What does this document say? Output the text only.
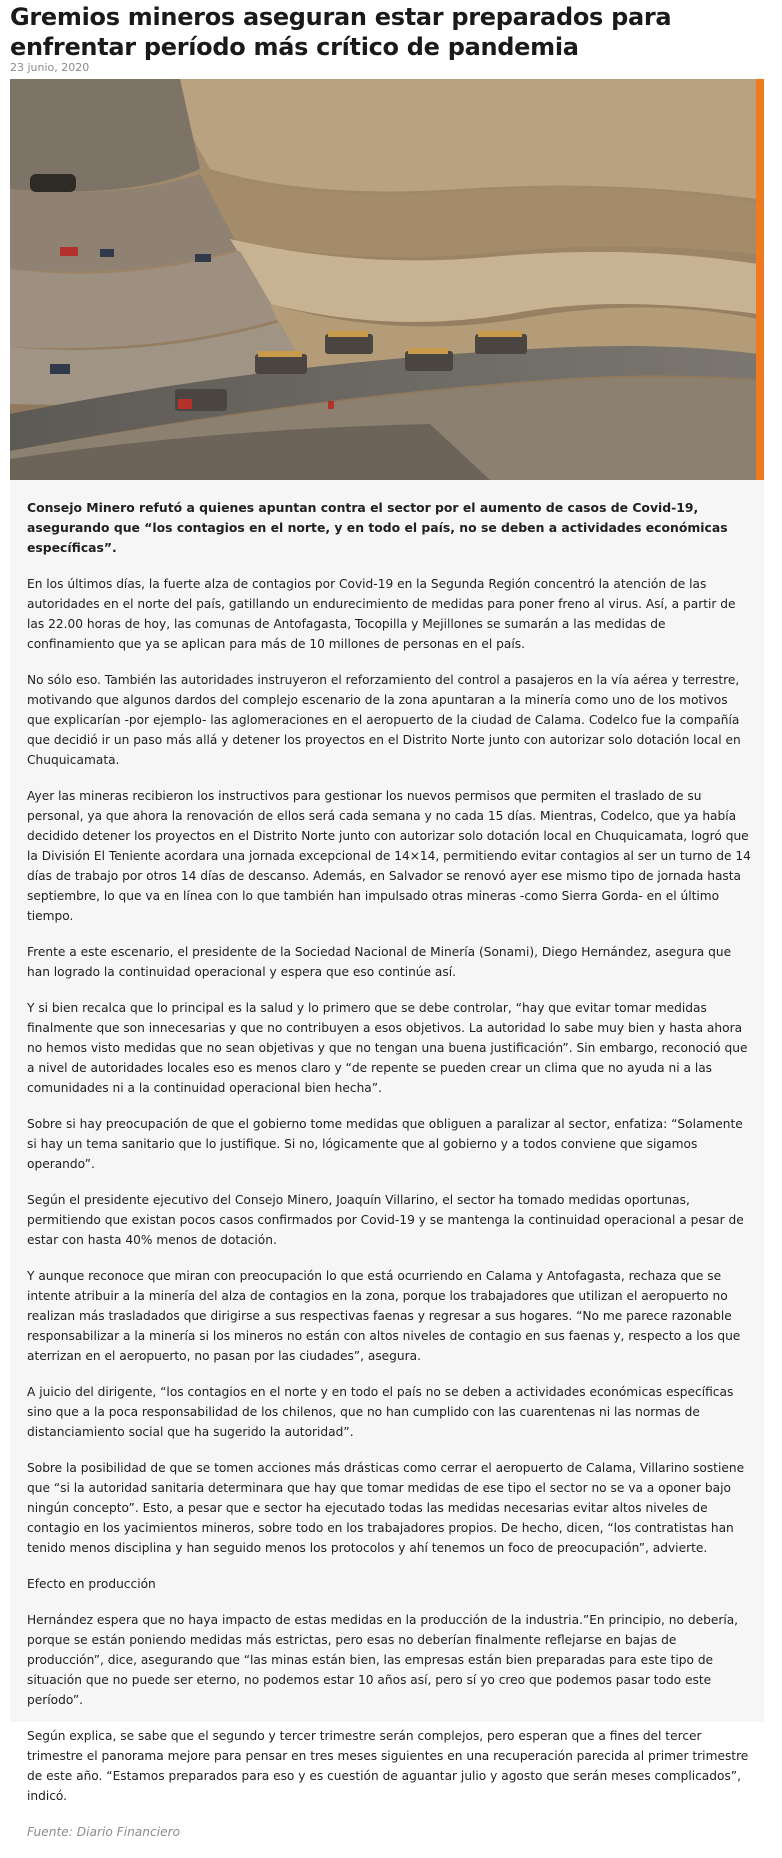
Gremios mineros aseguran estar preparados para enfrentar período más crítico de pandemia
23 junio, 2020

Consejo Minero refutó a quienes apuntan contra el sector por el aumento de casos de Covid-19, asegurando que “los contagios en el norte, y en todo el país, no se deben a actividades económicas específicas”.

En los últimos días, la fuerte alza de contagios por Covid-19 en la Segunda Región concentró la atención de las autoridades en el norte del país, gatillando un endurecimiento de medidas para poner freno al virus. Así, a partir de las 22.00 horas de hoy, las comunas de Antofagasta, Tocopilla y Mejillones se sumarán a las medidas de confinamiento que ya se aplican para más de 10 millones de personas en el país.

No sólo eso. También las autoridades instruyeron el reforzamiento del control a pasajeros en la vía aérea y terrestre, motivando que algunos dardos del complejo escenario de la zona apuntaran a la minería como uno de los motivos que explicarían -por ejemplo- las aglomeraciones en el aeropuerto de la ciudad de Calama. Codelco fue la compañía que decidió ir un paso más allá y detener los proyectos en el Distrito Norte junto con autorizar solo dotación local en Chuquicamata.

Ayer las mineras recibieron los instructivos para gestionar los nuevos permisos que permiten el traslado de su personal, ya que ahora la renovación de ellos será cada semana y no cada 15 días. Mientras, Codelco, que ya había decidido detener los proyectos en el Distrito Norte junto con autorizar solo dotación local en Chuquicamata, logró que la División El Teniente acordara una jornada excepcional de 14×14, permitiendo evitar contagios al ser un turno de 14 días de trabajo por otros 14 días de descanso. Además, en Salvador se renovó ayer ese mismo tipo de jornada hasta septiembre, lo que va en línea con lo que también han impulsado otras mineras -como Sierra Gorda- en el último tiempo.

Frente a este escenario, el presidente de la Sociedad Nacional de Minería (Sonami), Diego Hernández, asegura que han logrado la continuidad operacional y espera que eso continúe así.

Y si bien recalca que lo principal es la salud y lo primero que se debe controlar, “hay que evitar tomar medidas finalmente que son innecesarias y que no contribuyen a esos objetivos. La autoridad lo sabe muy bien y hasta ahora no hemos visto medidas que no sean objetivas y que no tengan una buena justificación”. Sin embargo, reconoció que a nivel de autoridades locales eso es menos claro y “de repente se pueden crear un clima que no ayuda ni a las comunidades ni a la continuidad operacional bien hecha”.

Sobre si hay preocupación de que el gobierno tome medidas que obliguen a paralizar al sector, enfatiza: “Solamente si hay un tema sanitario que lo justifique. Si no, lógicamente que al gobierno y a todos conviene que sigamos operando”.

Según el presidente ejecutivo del Consejo Minero, Joaquín Villarino, el sector ha tomado medidas oportunas, permitiendo que existan pocos casos confirmados por Covid-19 y se mantenga la continuidad operacional a pesar de estar con hasta 40% menos de dotación.

Y aunque reconoce que miran con preocupación lo que está ocurriendo en Calama y Antofagasta, rechaza que se intente atribuir a la minería del alza de contagios en la zona, porque los trabajadores que utilizan el aeropuerto no realizan más trasladados que dirigirse a sus respectivas faenas y regresar a sus hogares. “No me parece razonable responsabilizar a la minería si los mineros no están con altos niveles de contagio en sus faenas y, respecto a los que aterrizan en el aeropuerto, no pasan por las ciudades”, asegura.

A juicio del dirigente, “los contagios en el norte y en todo el país no se deben a actividades económicas específicas sino que a la poca responsabilidad de los chilenos, que no han cumplido con las cuarentenas ni las normas de distanciamiento social que ha sugerido la autoridad”.

Sobre la posibilidad de que se tomen acciones más drásticas como cerrar el aeropuerto de Calama, Villarino sostiene que “si la autoridad sanitaria determinara que hay que tomar medidas de ese tipo el sector no se va a oponer bajo ningún concepto”. Esto, a pesar que e sector ha ejecutado todas las medidas necesarias evitar altos niveles de contagio en los yacimientos mineros, sobre todo en los trabajadores propios. De hecho, dicen, “los contratistas han tenido menos disciplina y han seguido menos los protocolos y ahí tenemos un foco de preocupación”, advierte.

Efecto en producción

Hernández espera que no haya impacto de estas medidas en la producción de la industria.”En principio, no debería, porque se están poniendo medidas más estrictas, pero esas no deberían finalmente reflejarse en bajas de producción”, dice, asegurando que “las minas están bien, las empresas están bien preparadas para este tipo de situación que no puede ser eterno, no podemos estar 10 años así, pero sí yo creo que podemos pasar todo este período”.

Según explica, se sabe que el segundo y tercer trimestre serán complejos, pero esperan que a fines del tercer trimestre el panorama mejore para pensar en tres meses siguientes en una recuperación parecida al primer trimestre de este año. “Estamos preparados para eso y es cuestión de aguantar julio y agosto que serán meses complicados”, indicó.

Fuente: Diario Financiero
